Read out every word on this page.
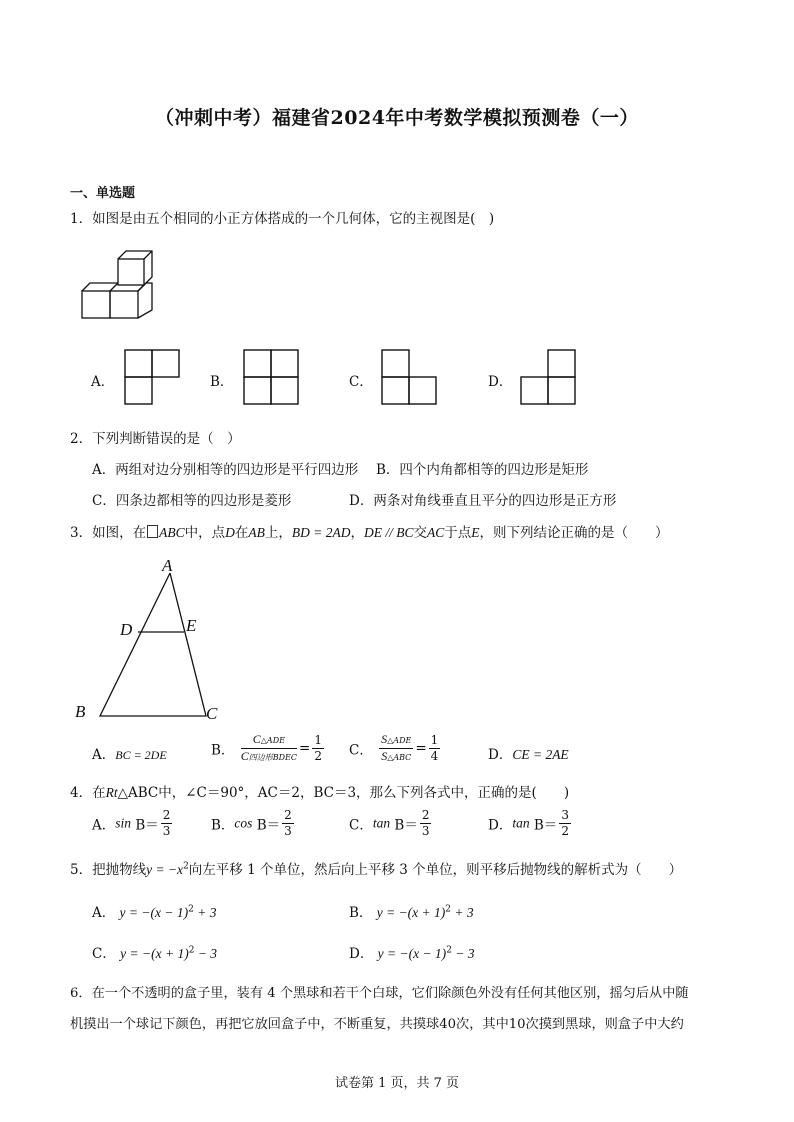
（冲刺中考）福建省2024年中考数学模拟预测卷（一）
一、单选题
1．如图是由五个相同的小正方体搭成的一个几何体，它的主视图是(　)
A．	B．	C．	D．
2．下列判断错误的是（　）
A．两组对边分别相等的四边形是平行四边形 B．四个内角都相等的四边形是矩形
C．四条边都相等的四边形是菱形	D．两条对角线垂直且平分的四边形是正方形
3．如图，在 ABC中，点D在AB上，BD = 2AD，DE // BC交AC于点E，则下列结论正确的是（　　）
A
D	E
B	C
A．BC = 2DE	B． $\frac{\text{C△ADE}}{\text{C四边形BDEC}} = \frac{1}{2}$ C． $\frac{\text{S△ADE}}{\text{S△ABC}} = \frac{1}{4}$	D．CE = 2AE
4．在Rt△ABC中，∠C＝90°，AC＝2，BC＝3，那么下列各式中，正确的是(　　)
A．$\sin B= \frac{2}{3}$	B．$\cos B= \frac{2}{3}$	C．$\tan B= \frac{2}{3}$	D．$\tan B= \frac{3}{2}$
5．把抛物线$y = -x^2$向左平移 1 个单位，然后向上平移 3 个单位，则平移后抛物线的解析式为（　　）
A． $y = -(x - 1)^2 + 3$	B． $y = -(x + 1)^2 + 3$
C． $y = -(x + 1)^2 - 3$	D． $y = -(x - 1)^2 - 3$
6．在一个不透明的盒子里，装有 4 个黑球和若干个白球，它们除颜色外没有任何其他区别，摇匀后从中随
机摸出一个球记下颜色，再把它放回盒子中，不断重复，共摸球40次，其中10次摸到黑球，则盒子中大约
试卷第 1 页，共 7 页
